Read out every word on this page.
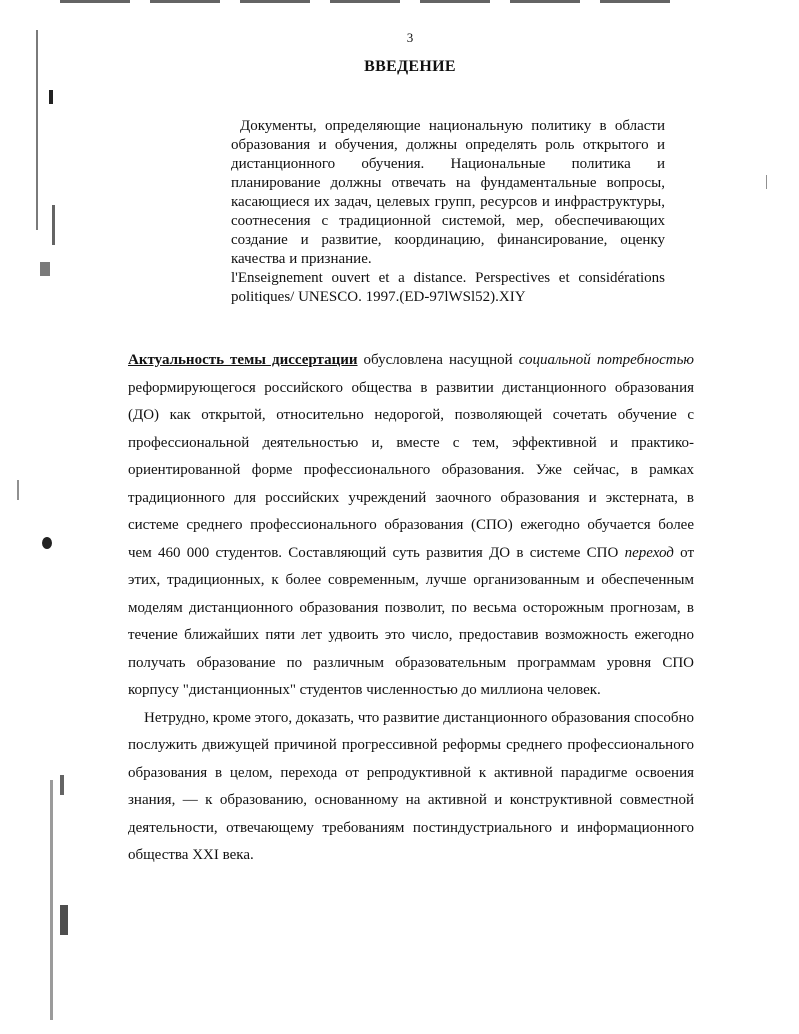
3
ВВЕДЕНИЕ

Документы, определяющие национальную политику в области образования и обучения, должны определять роль открытого и дистанционного обучения. Национальные политика и планирование должны отвечать на фундаментальные вопросы, касающиеся их задач, целевых групп, ресурсов и инфраструктуры, соотнесения с традиционной системой, мер, обеспечивающих создание и развитие, координацию, финансирование, оценку качества и признание.

l'Enseignement ouvert et a distance. Perspectives et considérations politiques/ UNESCO. 1997.(ED-97lWSl52).XIY

Актуальность темы диссертации обусловлена насущной социальной потребностью реформирующегося российского общества в развитии дистанционного образования (ДО) как открытой, относительно недорогой, позволяющей сочетать обучение с профессиональной деятельностью и, вместе с тем, эффективной и практико-ориентированной форме профессионального образования. Уже сейчас, в рамках традиционного для российских учреждений заочного образования и экстерната, в системе среднего профессионального образования (СПО) ежегодно обучается более чем 460 000 студентов. Составляющий суть развития ДО в системе СПО переход от этих, традиционных, к более современным, лучше организованным и обеспеченным моделям дистанционного образования позволит, по весьма осторожным прогнозам, в течение ближайших пяти лет удвоить это число, предоставив возможность ежегодно получать образование по различным образовательным программам уровня СПО корпусу "дистанционных" студентов численностью до миллиона человек.

Нетрудно, кроме этого, доказать, что развитие дистанционного образования способно послужить движущей причиной прогрессивной реформы среднего профессионального образования в целом, перехода от репродуктивной к активной парадигме освоения знания, — к образованию, основанному на активной и конструктивной совместной деятельности, отвечающему требованиям постиндустриального и информационного общества XXI века.
